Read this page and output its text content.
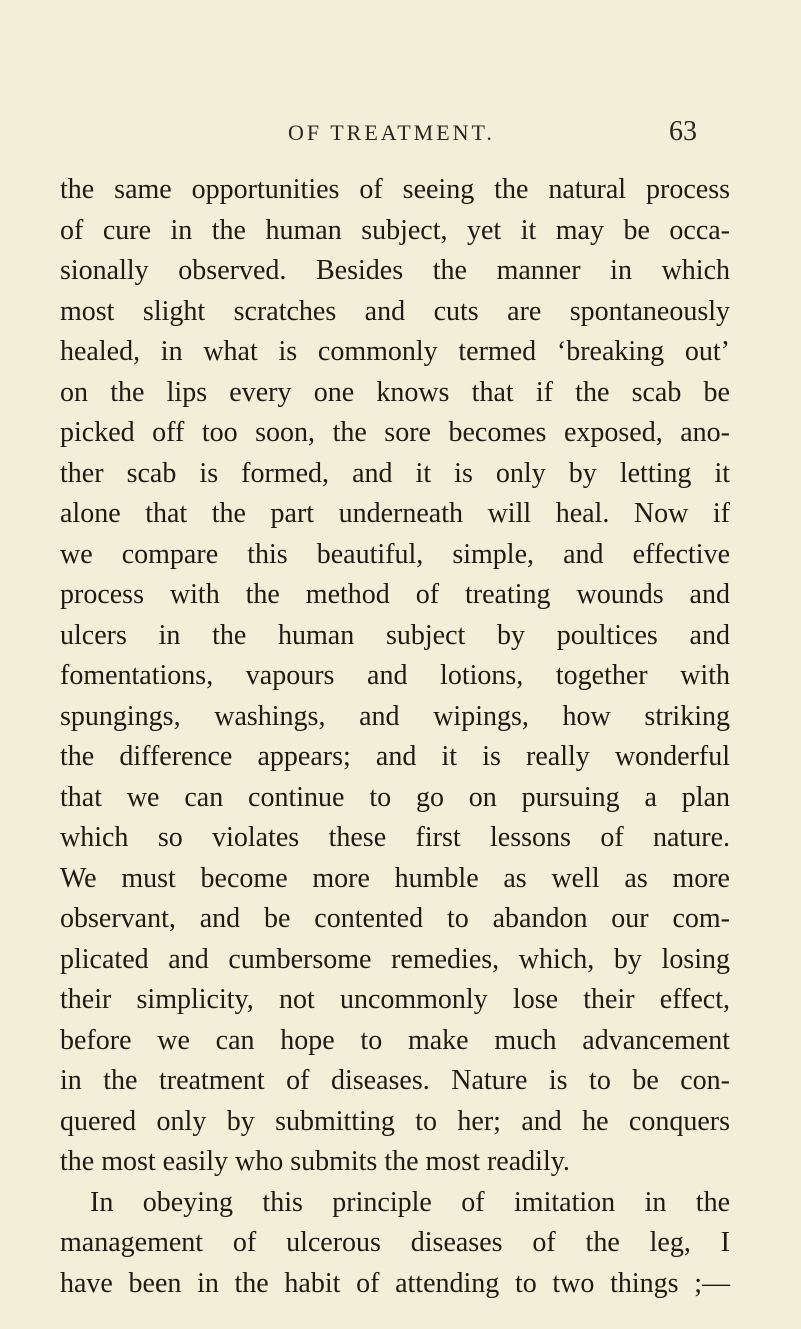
OF TREATMENT.	63
the same opportunities of seeing the natural process
of cure in the human subject, yet it may be occa-
sionally observed. Besides the manner in which
most slight scratches and cuts are spontaneously
healed, in what is commonly termed ‘breaking out’
on the lips every one knows that if the scab be
picked off too soon, the sore becomes exposed, ano-
ther scab is formed, and it is only by letting it
alone that the part underneath will heal. Now if
we compare this beautiful, simple, and effective
process with the method of treating wounds and
ulcers in the human subject by poultices and
fomentations, vapours and lotions, together with
spungings, washings, and wipings, how striking
the difference appears; and it is really wonderful
that we can continue to go on pursuing a plan
which so violates these first lessons of nature.
We must become more humble as well as more
observant, and be contented to abandon our com-
plicated and cumbersome remedies, which, by losing
their simplicity, not uncommonly lose their effect,
before we can hope to make much advancement
in the treatment of diseases. Nature is to be con-
quered only by submitting to her; and he conquers
the most easily who submits the most readily.
In obeying this principle of imitation in the
management of ulcerous diseases of the leg, I
have been in the habit of attending to two things ;—
